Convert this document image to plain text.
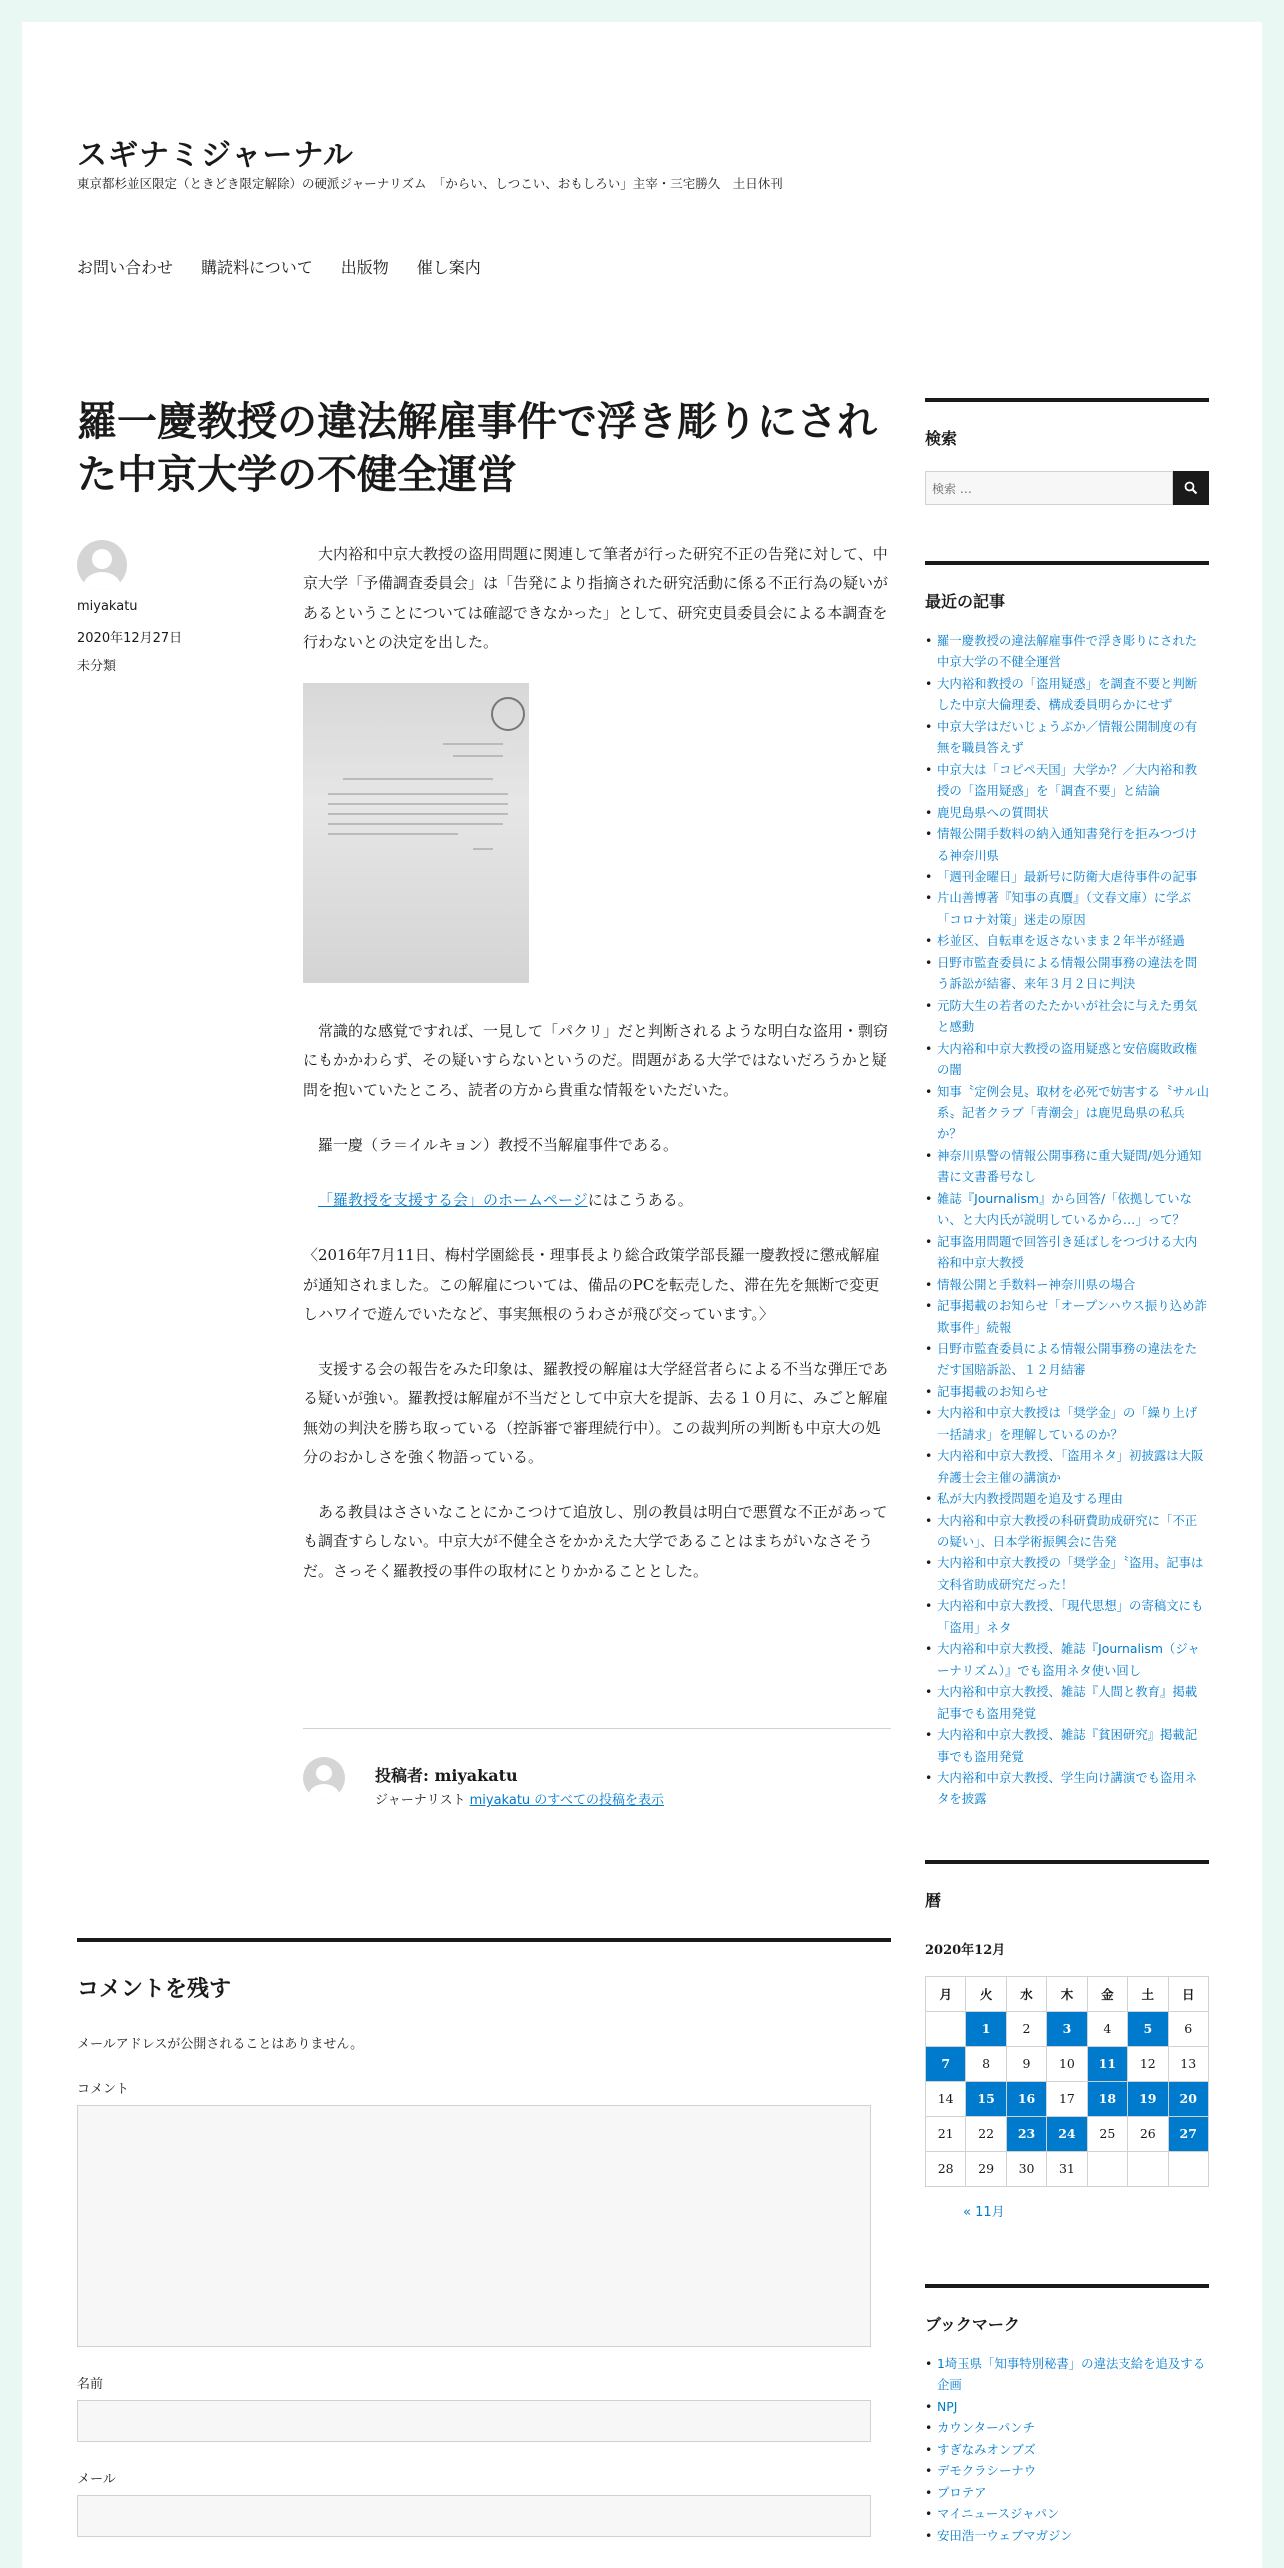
スギナミジャーナル
東京都杉並区限定（ときどき限定解除）の硬派ジャーナリズム　「からい、しつこい、おもしろい」主宰・三宅勝久　土日休刊
お問い合わせ 購読料について 出版物 催し案内
羅一慶教授の違法解雇事件で浮き彫りにされた中京大学の不健全運営
miyakatu
2020年12月27日
未分類

大内裕和中京大教授の盗用問題に関連して筆者が行った研究不正の告発に対して、中京大学「予備調査委員会」は「告発により指摘された研究活動に係る不正行為の疑いがあるということについては確認できなかった」として、研究吏員委員会による本調査を行わないとの決定を出した。

常識的な感覚ですれば、一見して「パクリ」だと判断されるような明白な盗用・剽窃にもかかわらず、その疑いすらないというのだ。問題がある大学ではないだろうかと疑問を抱いていたところ、読者の方から貴重な情報をいただいた。

羅一慶（ラ＝イルキョン）教授不当解雇事件である。

「羅教授を支援する会」のホームページにはこうある。

〈2016年7月11日、梅村学園総長・理事長より総合政策学部長羅一慶教授に懲戒解雇が通知されました。この解雇については、備品のPCを転売した、滞在先を無断で変更しハワイで遊んでいたなど、事実無根のうわさが飛び交っています。〉

支援する会の報告をみた印象は、羅教授の解雇は大学経営者らによる不当な弾圧である疑いが強い。羅教授は解雇が不当だとして中京大を提訴、去る１０月に、みごと解雇無効の判決を勝ち取っている（控訴審で審理続行中）。この裁判所の判断も中京大の処分のおかしさを強く物語っている。

ある教員はささいなことにかこつけて追放し、別の教員は明白で悪質な不正があっても調査すらしない。中京大が不健全さをかかえた大学であることはまちがいなさそうだ。さっそく羅教授の事件の取材にとりかかることとした。

投稿者: miyakatu
ジャーナリスト miyakatu のすべての投稿を表示
コメントを残す

メールアドレスが公開されることはありません。

コメント
名前
メール
検索
検索 …
最近の記事
• 羅一慶教授の違法解雇事件で浮き彫りにされた中京大学の不健全運営
• 大内裕和教授の「盗用疑惑」を調査不要と判断した中京大倫理委、構成委員明らかにせず
• 中京大学はだいじょうぶか／情報公開制度の有無を職員答えず
• 中京大は「コピペ天国」大学か？／大内裕和教授の「盗用疑惑」を「調査不要」と結論
• 鹿児島県への質問状
• 情報公開手数料の納入通知書発行を拒みつづける神奈川県
• 「週刊金曜日」最新号に防衛大虐待事件の記事
• 片山善博著『知事の真贋』（文春文庫）に学ぶ「コロナ対策」迷走の原因
• 杉並区、自転車を返さないまま２年半が経過
• 日野市監査委員による情報公開事務の違法を問う訴訟が結審、来年３月２日に判決
• 元防大生の若者のたたかいが社会に与えた勇気と感動
• 大内裕和中京大教授の盗用疑惑と安倍腐敗政権の闇
• 知事〝定例会見〟取材を必死で妨害する〝サル山系〟記者クラブ「青潮会」は鹿児島県の私兵か？
• 神奈川県警の情報公開事務に重大疑問/処分通知書に文書番号なし
• 雑誌『Journalism』から回答/「依拠していない、と大内氏が説明しているから…」って？
• 記事盗用問題で回答引き延ばしをつづける大内裕和中京大教授
• 情報公開と手数料ー神奈川県の場合
• 記事掲載のお知らせ「オープンハウス振り込め詐欺事件」続報
• 日野市監査委員による情報公開事務の違法をただす国賠訴訟、１２月結審
• 記事掲載のお知らせ
• 大内裕和中京大教授は「奨学金」の「繰り上げ一括請求」を理解しているのか？
• 大内裕和中京大教授、「盗用ネタ」初披露は大阪弁護士会主催の講演か
• 私が大内教授問題を追及する理由
• 大内裕和中京大教授の科研費助成研究に「不正の疑い」、日本学術振興会に告発
• 大内裕和中京大教授の「奨学金」〝盗用〟記事は文科省助成研究だった！
• 大内裕和中京大教授、「現代思想」の寄稿文にも「盗用」ネタ
• 大内裕和中京大教授、雑誌『Journalism（ジャーナリズム）』でも盗用ネタ使い回し
• 大内裕和中京大教授、雑誌『人間と教育』掲載記事でも盗用発覚
• 大内裕和中京大教授、雑誌『貧困研究』掲載記事でも盗用発覚
• 大内裕和中京大教授、学生向け講演でも盗用ネタを披露
暦
2020年12月
月	火	水	木	金	土	日
	1	2	3	4	5	6
7	8	9	10	11	12	13
14	15	16	17	18	19	20
21	22	23	24	25	26	27
28	29	30	31			
« 11月
ブックマーク
• 1埼玉県「知事特別秘書」の違法支給を追及する企画
• NPJ
• カウンターパンチ
• すぎなみオンブズ
• デモクラシーナウ
• プロテア
• マイニュースジャパン
• 安田浩一ウェブマガジン
